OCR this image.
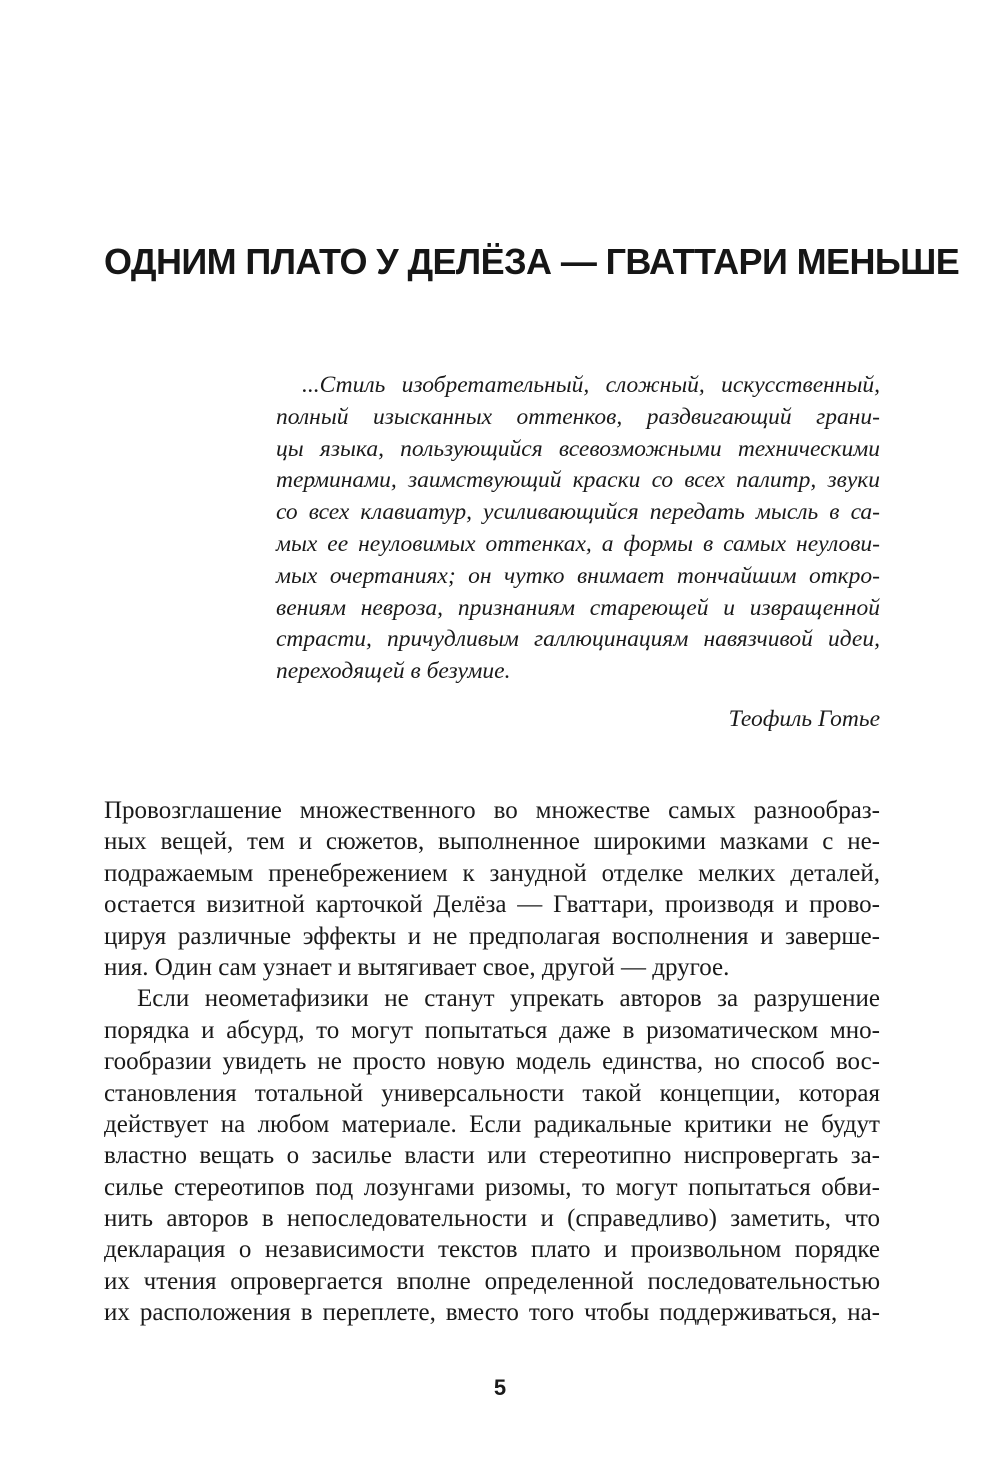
ОДНИМ ПЛАТО У ДЕЛЁЗА — ГВАТТАРИ МЕНЬШЕ
...Стиль изобретательный, сложный, искусственный,
полный изысканных оттенков, раздвигающий грани-
цы языка, пользующийся всевозможными техническими
терминами, заимствующий краски со всех палитр, звуки
со всех клавиатур, усиливающийся передать мысль в са-
мых ее неуловимых оттенках, а формы в самых неулови-
мых очертаниях; он чутко внимает тончайшим откро-
вениям невроза, признаниям стареющей и извращенной
страсти, причудливым галлюцинациям навязчивой идеи,
переходящей в безумие.
Теофиль Готье
Провозглашение множественного во множестве самых разнообраз-
ных вещей, тем и сюжетов, выполненное широкими мазками с не-
подражаемым пренебрежением к занудной отделке мелких деталей,
остается визитной карточкой Делёза — Гваттари, производя и прово-
цируя различные эффекты и не предполагая восполнения и заверше-
ния. Один сам узнает и вытягивает свое, другой — другое.
Если неометафизики не станут упрекать авторов за разрушение
порядка и абсурд, то могут попытаться даже в ризоматическом мно-
гообразии увидеть не просто новую модель единства, но способ вос-
становления тотальной универсальности такой концепции, которая
действует на любом материале. Если радикальные критики не будут
властно вещать о засилье власти или стереотипно ниспровергать за-
силье стереотипов под лозунгами ризомы, то могут попытаться обви-
нить авторов в непоследовательности и (справедливо) заметить, что
декларация о независимости текстов плато и произвольном порядке
их чтения опровергается вполне определенной последовательностью
их расположения в переплете, вместо того чтобы поддерживаться, на-
5
